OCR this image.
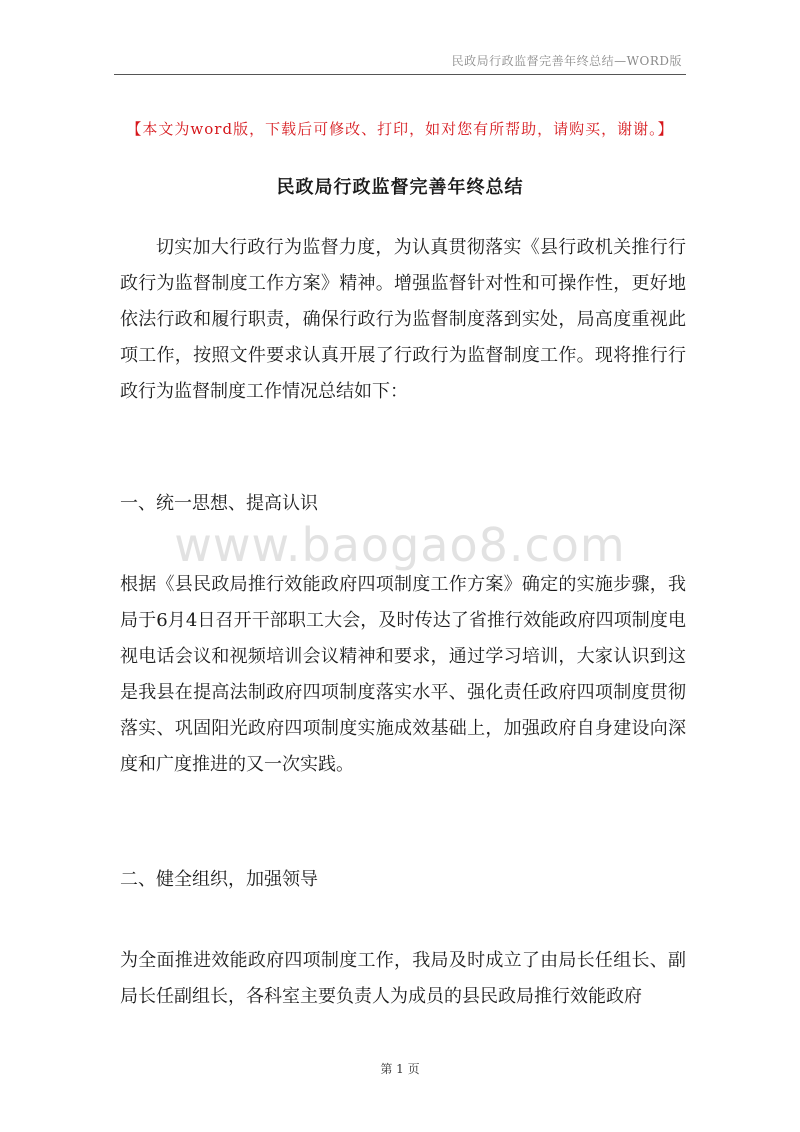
民政局行政监督完善年终总结—WORD版
【本文为word版，下载后可修改、打印，如对您有所帮助，请购买，谢谢。】
民政局行政监督完善年终总结

切实加大行政行为监督力度，为认真贯彻落实《县行政机关推行行政行为监督制度工作方案》精神。增强监督针对性和可操作性，更好地依法行政和履行职责，确保行政行为监督制度落到实处，局高度重视此项工作，按照文件要求认真开展了行政行为监督制度工作。现将推行行政行为监督制度工作情况总结如下：

一、统一思想、提高认识
www.baogao8.com

根据《县民政局推行效能政府四项制度工作方案》确定的实施步骤，我局于6月4日召开干部职工大会，及时传达了省推行效能政府四项制度电视电话会议和视频培训会议精神和要求，通过学习培训，大家认识到这是我县在提高法制政府四项制度落实水平、强化责任政府四项制度贯彻落实、巩固阳光政府四项制度实施成效基础上，加强政府自身建设向深度和广度推进的又一次实践。

二、健全组织，加强领导

为全面推进效能政府四项制度工作，我局及时成立了由局长任组长、副局长任副组长，各科室主要负责人为成员的县民政局推行效能政府

第 1 页
